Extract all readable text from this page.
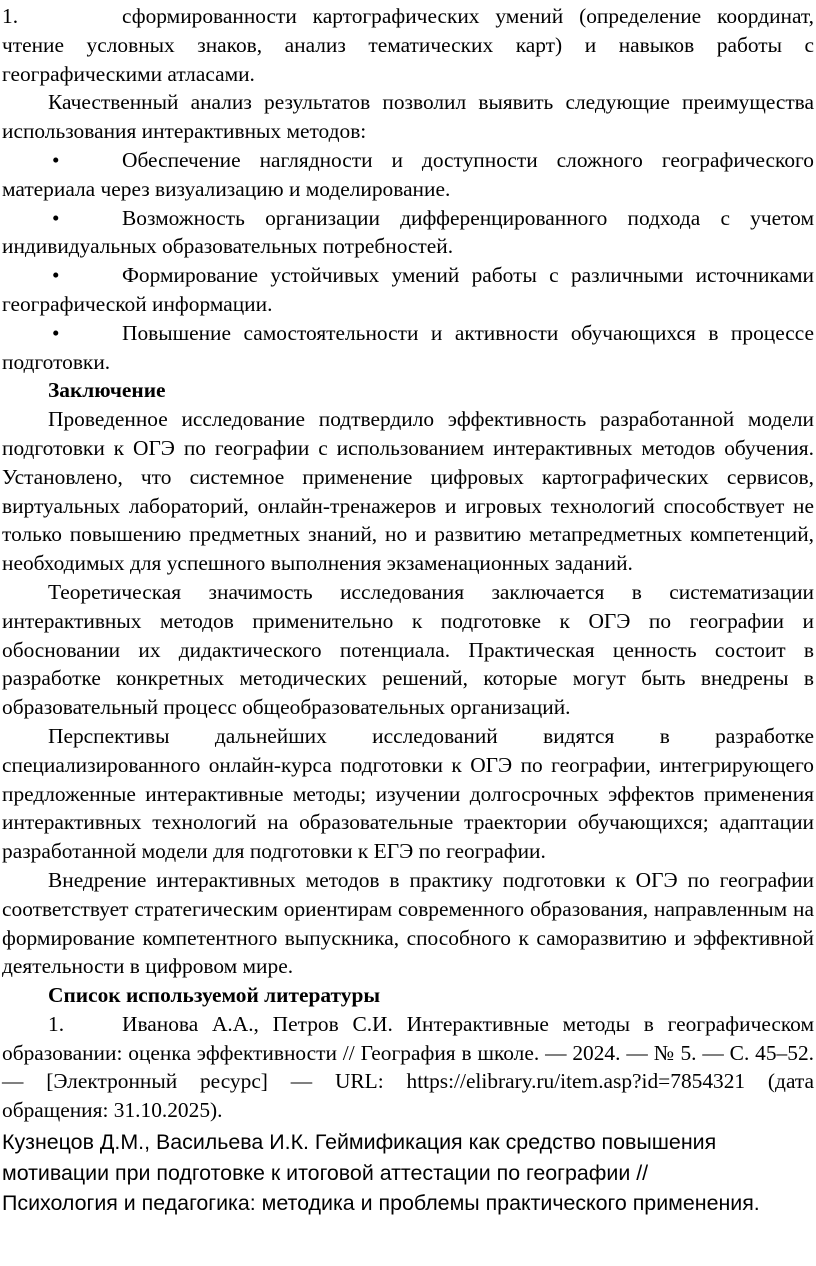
1.	сформированности картографических умений (определение координат, чтение условных знаков, анализ тематических карт) и навыков работы с географическими атласами.

Качественный анализ результатов позволил выявить следующие преимущества использования интерактивных методов:

•	Обеспечение наглядности и доступности сложного географического материала через визуализацию и моделирование.

•	Возможность организации дифференцированного подхода с учетом индивидуальных образовательных потребностей.

•	Формирование устойчивых умений работы с различными источниками географической информации.

•	Повышение самостоятельности и активности обучающихся в процессе подготовки.

Заключение

Проведенное исследование подтвердило эффективность разработанной модели подготовки к ОГЭ по географии с использованием интерактивных методов обучения. Установлено, что системное применение цифровых картографических сервисов, виртуальных лабораторий, онлайн-тренажеров и игровых технологий способствует не только повышению предметных знаний, но и развитию метапредметных компетенций, необходимых для успешного выполнения экзаменационных заданий.

Теоретическая значимость исследования заключается в систематизации интерактивных методов применительно к подготовке к ОГЭ по географии и обосновании их дидактического потенциала. Практическая ценность состоит в разработке конкретных методических решений, которые могут быть внедрены в образовательный процесс общеобразовательных организаций.

Перспективы дальнейших исследований видятся в разработке специализированного онлайн-курса подготовки к ОГЭ по географии, интегрирующего предложенные интерактивные методы; изучении долгосрочных эффектов применения интерактивных технологий на образовательные траектории обучающихся; адаптации разработанной модели для подготовки к ЕГЭ по географии.

Внедрение интерактивных методов в практику подготовки к ОГЭ по географии соответствует стратегическим ориентирам современного образования, направленным на формирование компетентного выпускника, способного к саморазвитию и эффективной деятельности в цифровом мире.

Список используемой литературы

1.	Иванова А.А., Петров С.И. Интерактивные методы в географическом образовании: оценка эффективности // География в школе. — 2024. — № 5. — С. 45–52. — [Электронный ресурс] — URL: https://elibrary.ru/item.asp?id=7854321 (дата обращения: 31.10.2025).

Кузнецов Д.М., Васильева И.К. Геймификация как средство повышения

мотивации при подготовке к итоговой аттестации по географии //

Психология и педагогика: методика и проблемы практического применения.
